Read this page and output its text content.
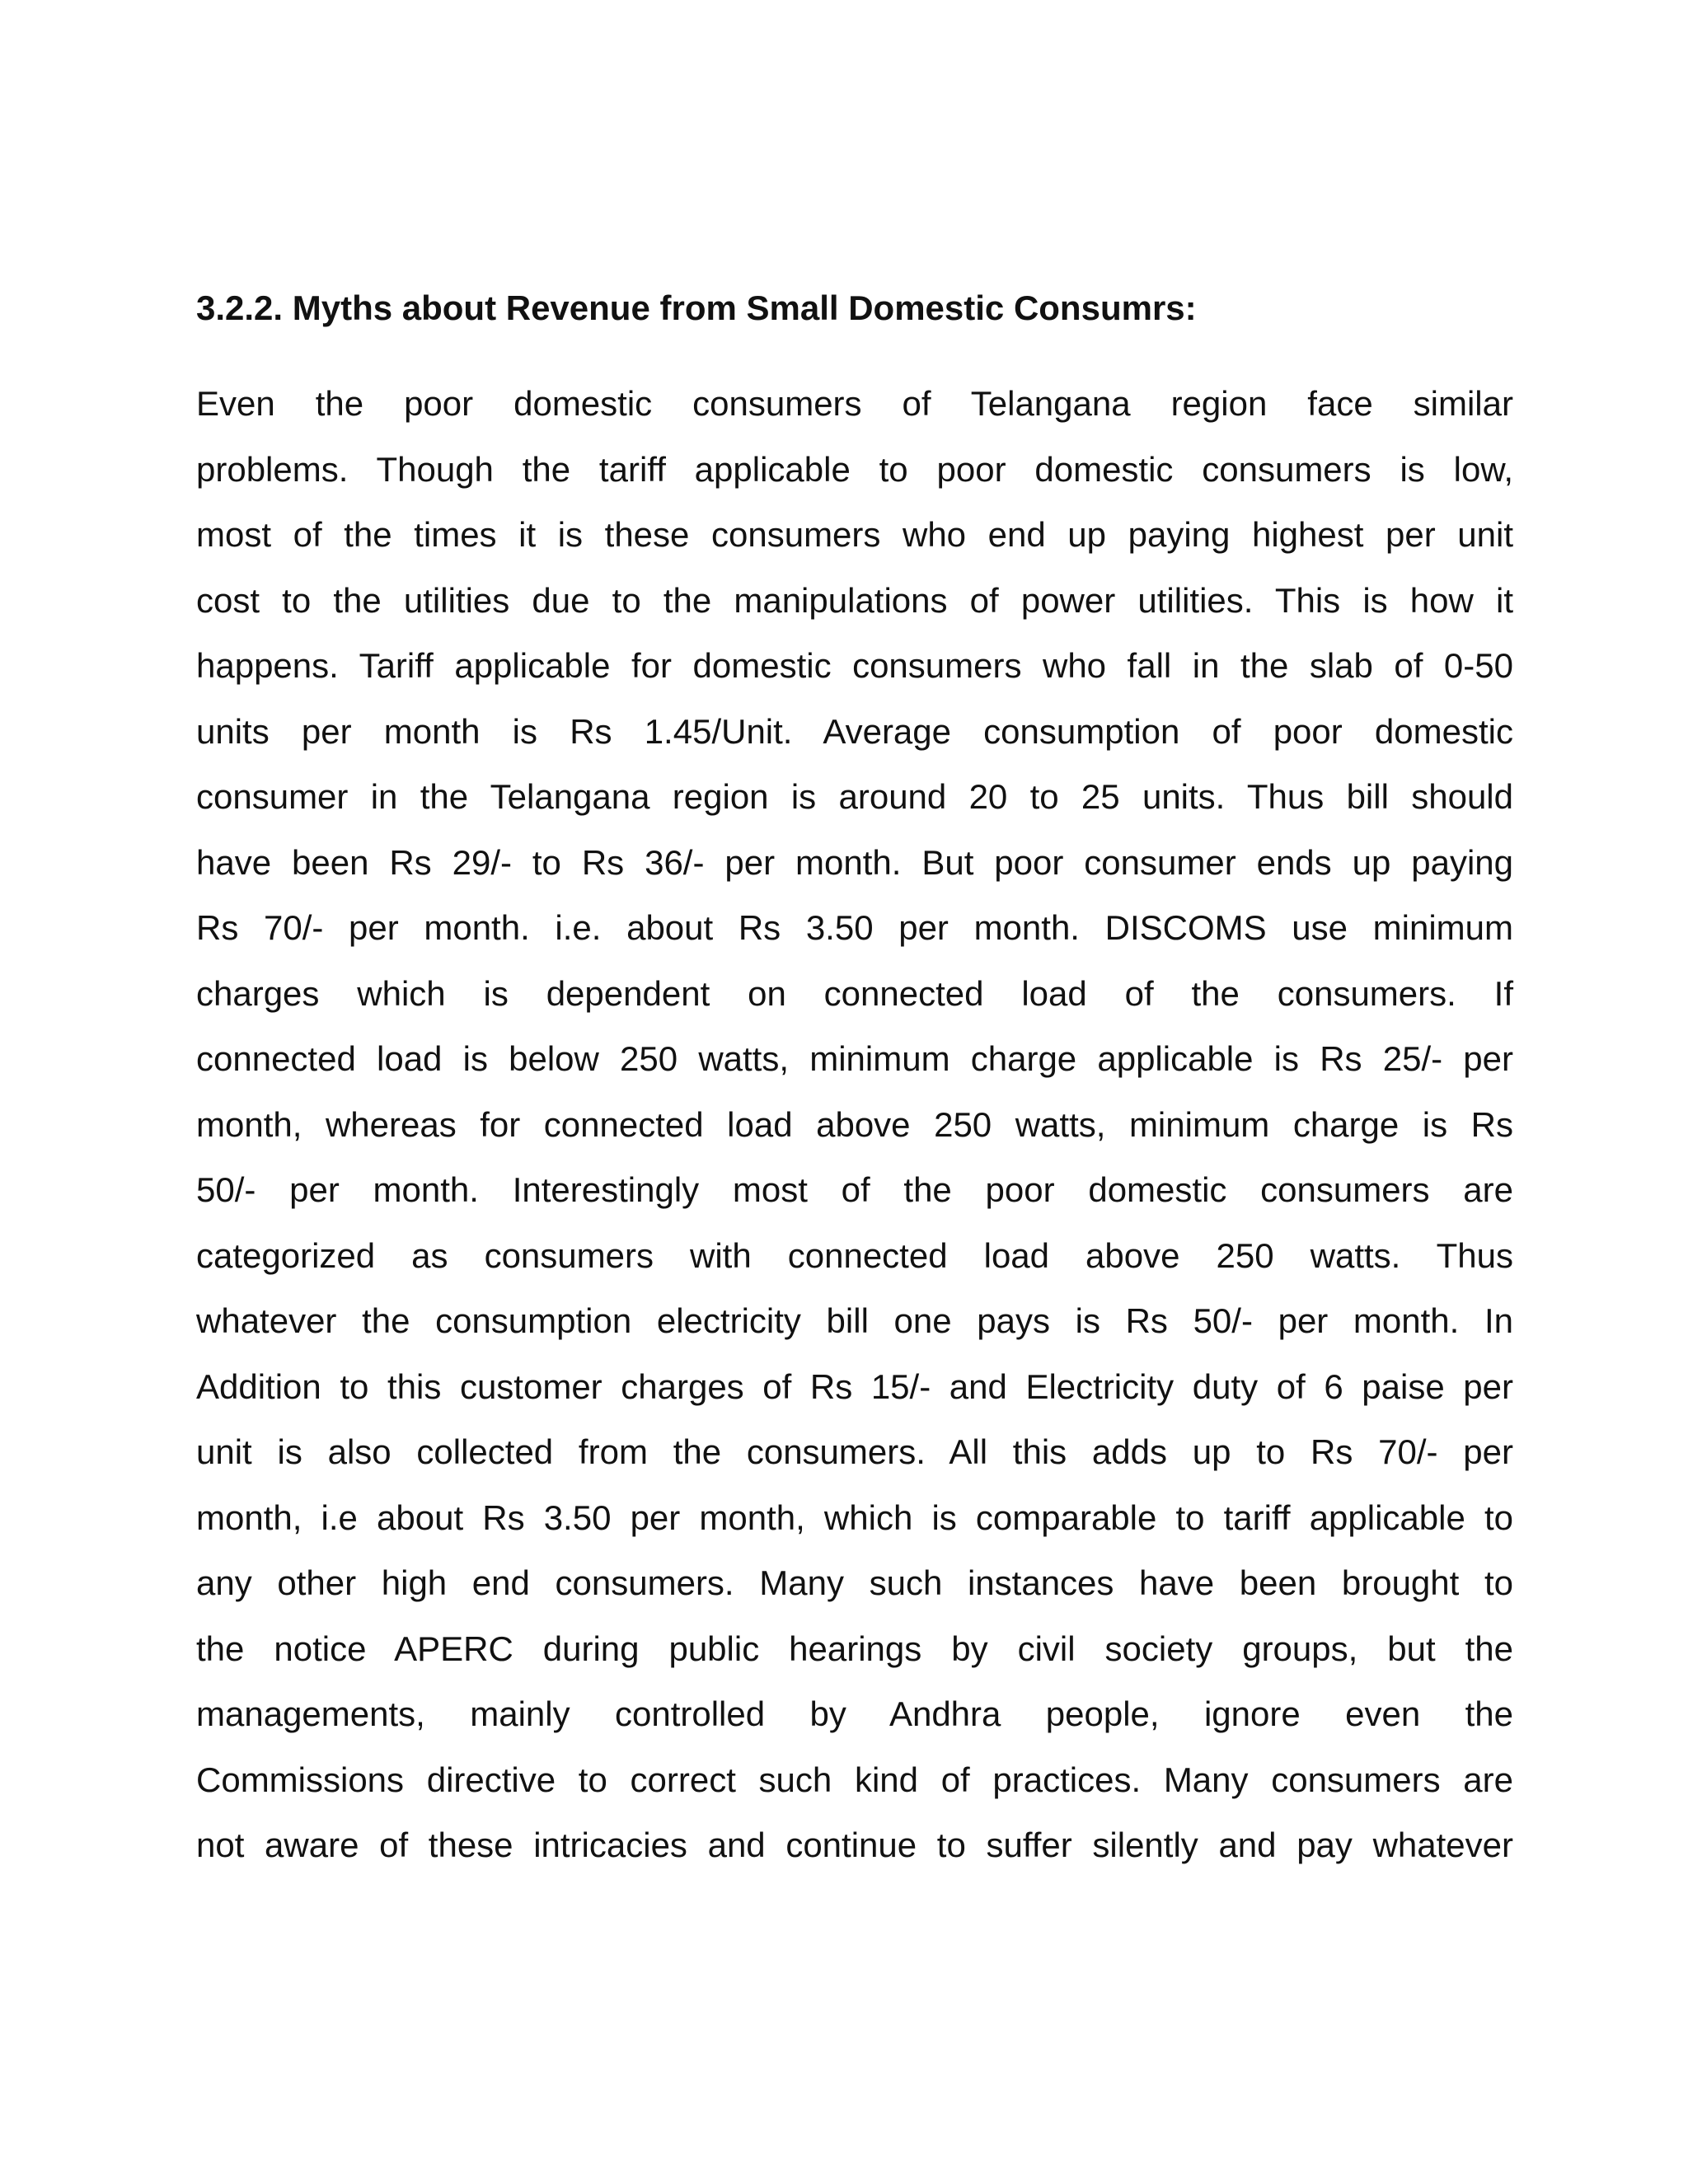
3.2.2. Myths about Revenue from Small Domestic Consumrs:
Even the poor domestic consumers of Telangana region face similar
problems. Though the tariff applicable to poor domestic consumers is low,
most of the times it is these consumers who end up paying highest per unit
cost to the utilities due to the manipulations of power utilities. This is how it
happens. Tariff applicable for domestic consumers who fall in the slab of 0-50
units per month is Rs 1.45/Unit. Average consumption of poor domestic
consumer in the Telangana region is around 20 to 25 units. Thus bill should
have been Rs 29/- to Rs 36/- per month. But poor consumer ends up paying
Rs 70/- per month. i.e. about Rs 3.50 per month. DISCOMS use minimum
charges which is dependent on connected load of the consumers. If
connected load is below 250 watts, minimum charge applicable is Rs 25/- per
month, whereas for connected load above 250 watts, minimum charge is Rs
50/- per month. Interestingly most of the poor domestic consumers are
categorized as consumers with connected load above 250 watts. Thus
whatever the consumption electricity bill one pays is Rs 50/- per month. In
Addition to this customer charges of Rs 15/- and Electricity duty of 6 paise per
unit is also collected from the consumers. All this adds up to Rs 70/- per
month, i.e about Rs 3.50 per month, which is comparable to tariff applicable to
any other high end consumers. Many such instances have been brought to
the notice APERC during public hearings by civil society groups, but the
managements, mainly controlled by Andhra people, ignore even the
Commissions directive to correct such kind of practices. Many consumers are
not aware of these intricacies and continue to suffer silently and pay whatever
